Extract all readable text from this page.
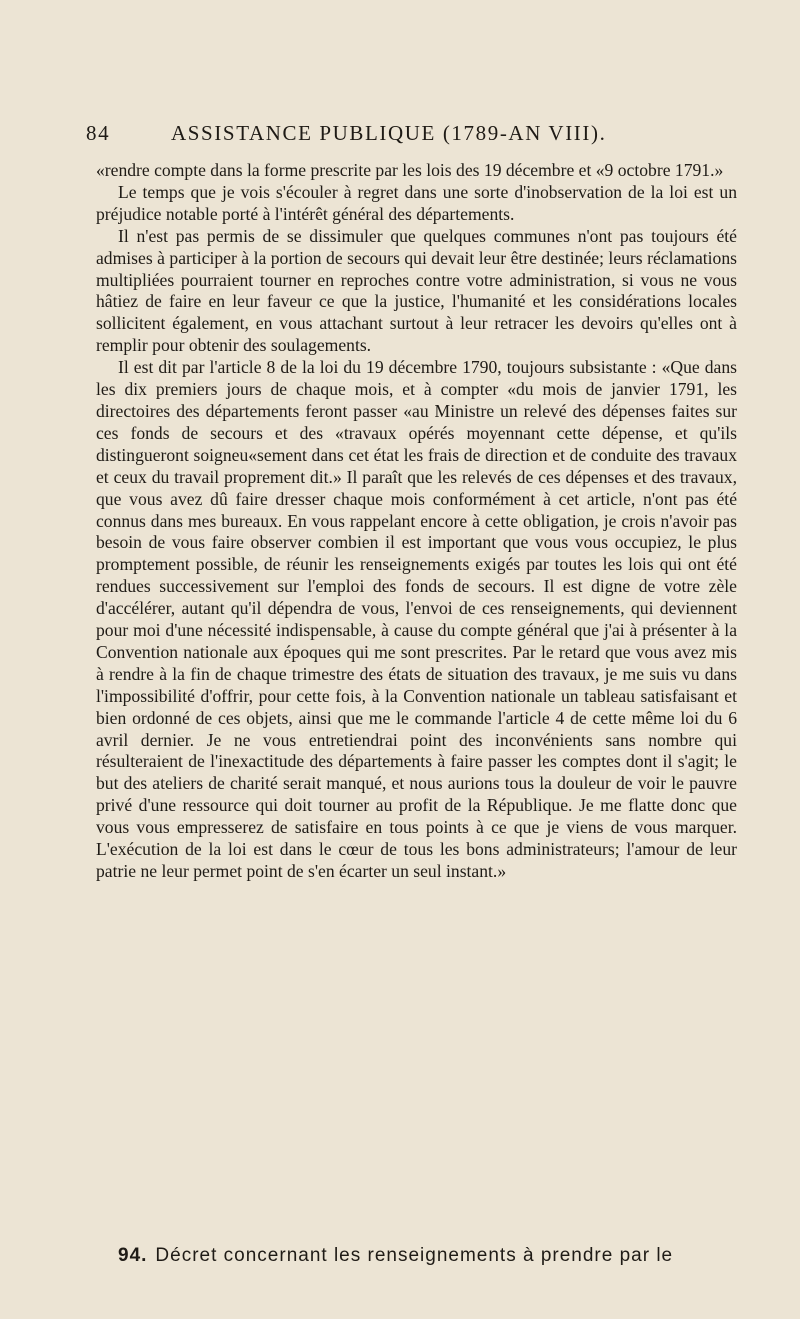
84	ASSISTANCE PUBLIQUE (1789-AN VIII).

«rendre compte dans la forme prescrite par les lois des 19 décembre et «9 octobre 1791.»

Le temps que je vois s'écouler à regret dans une sorte d'inobservation de la loi est un préjudice notable porté à l'intérêt général des départements.

Il n'est pas permis de se dissimuler que quelques communes n'ont pas toujours été admises à participer à la portion de secours qui devait leur être destinée; leurs réclamations multipliées pourraient tourner en reproches contre votre administration, si vous ne vous hâtiez de faire en leur faveur ce que la justice, l'humanité et les considérations locales sollicitent également, en vous attachant surtout à leur retracer les devoirs qu'elles ont à remplir pour obtenir des soulagements.

Il est dit par l'article 8 de la loi du 19 décembre 1790, toujours subsistante : «Que dans les dix premiers jours de chaque mois, et à compter «du mois de janvier 1791, les directoires des départements feront passer «au Ministre un relevé des dépenses faites sur ces fonds de secours et des «travaux opérés moyennant cette dépense, et qu'ils distingueront soigneu«sement dans cet état les frais de direction et de conduite des travaux et ceux du travail proprement dit.» Il paraît que les relevés de ces dépenses et des travaux, que vous avez dû faire dresser chaque mois conformément à cet article, n'ont pas été connus dans mes bureaux. En vous rappelant encore à cette obligation, je crois n'avoir pas besoin de vous faire observer combien il est important que vous vous occupiez, le plus promptement possible, de réunir les renseignements exigés par toutes les lois qui ont été rendues successivement sur l'emploi des fonds de secours. Il est digne de votre zèle d'accélérer, autant qu'il dépendra de vous, l'envoi de ces renseignements, qui deviennent pour moi d'une nécessité indispensable, à cause du compte général que j'ai à présenter à la Convention nationale aux époques qui me sont prescrites. Par le retard que vous avez mis à rendre à la fin de chaque trimestre des états de situation des travaux, je me suis vu dans l'impossibilité d'offrir, pour cette fois, à la Convention nationale un tableau satisfaisant et bien ordonné de ces objets, ainsi que me le commande l'article 4 de cette même loi du 6 avril dernier. Je ne vous entretiendrai point des inconvénients sans nombre qui résulteraient de l'inexactitude des départements à faire passer les comptes dont il s'agit; le but des ateliers de charité serait manqué, et nous aurions tous la douleur de voir le pauvre privé d'une ressource qui doit tourner au profit de la République. Je me flatte donc que vous vous empresserez de satisfaire en tous points à ce que je viens de vous marquer. L'exécution de la loi est dans le cœur de tous les bons administrateurs; l'amour de leur patrie ne leur permet point de s'en écarter un seul instant.»

94. Décret concernant les renseignements à prendre par le
